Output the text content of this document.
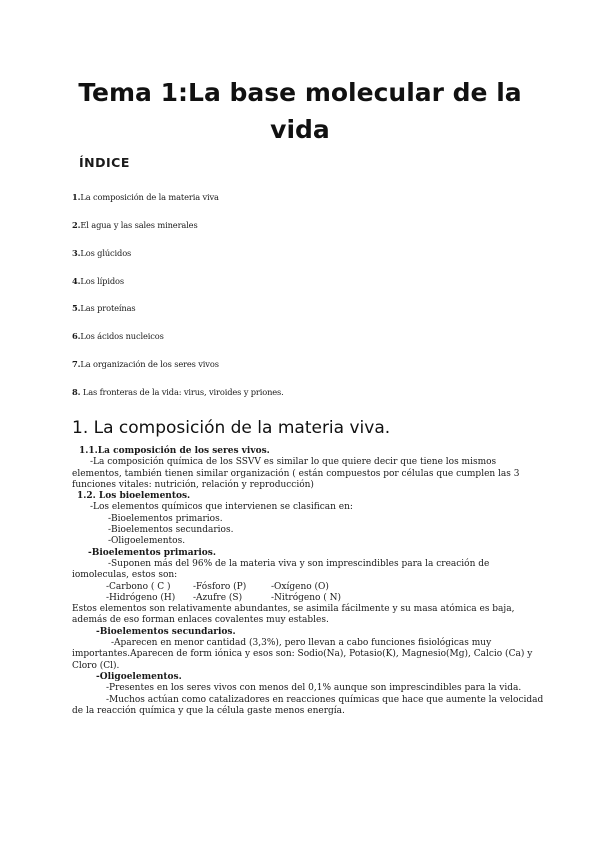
Tema 1:La base molecular de la vida
ÍNDICE
1.La composición de la materia viva
2.El agua y las sales minerales
3.Los glúcidos
4.Los lípidos
5.Las proteínas
6.Los ácidos nucleicos
7.La organización de los seres vivos
8. Las fronteras de la vida: virus, viroides y priones.
1. La composición de la materia viva.
1.1.La composición de los seres vivos.
-La composición química de los SSVV es similar lo que quiere decir que tiene los mismos
elementos, también tienen similar organización ( están compuestos por células que cumplen las 3
funciones vitales: nutrición, relación y reproducción)
1.2. Los bioelementos.
-Los elementos químicos que intervienen se clasifican en:
-Bioelementos primarios.
-Bioelementos secundarios.
-Oligoelementos.
-Bioelementos primarios.
-Suponen más del 96% de la materia viva y son imprescindibles para la creación de
iomoleculas, estos son:
-Carbono ( C )	-Fósforo (P)	-Oxígeno (O)
-Hidrógeno (H) -Azufre (S)	-Nitrógeno ( N)
Estos elementos son relativamente abundantes, se asimila fácilmente y su masa atómica es baja,
además de eso forman enlaces covalentes muy estables.
-Bioelementos secundarios.
-Aparecen en menor cantidad (3,3%), pero llevan a cabo funciones fisiológicas muy
importantes.Aparecen de form iónica y esos son: Sodio(Na), Potasio(K), Magnesio(Mg), Calcio (Ca) y
Cloro (Cl).
-Oligoelementos.
-Presentes en los seres vivos con menos del 0,1% aunque son imprescindibles para la vida.
-Muchos actúan como catalizadores en reacciones químicas que hace que aumente la velocidad
de la reacción química y que la célula gaste menos energía.
